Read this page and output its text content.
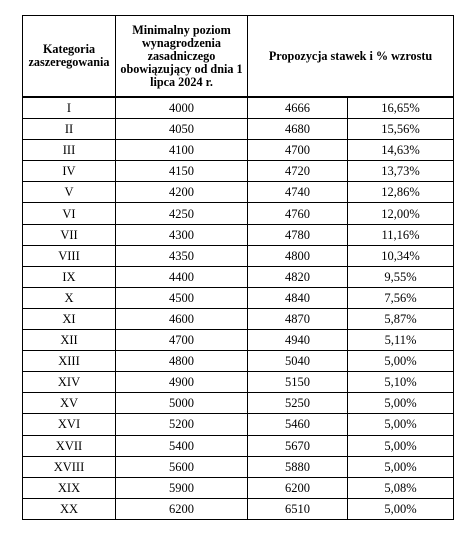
Kategoria zaszeregowania	Minimalny poziom wynagrodzenia zasadniczego obowiązujący od dnia 1 lipca 2024 r.	Propozycja stawek i % wzrostu	
I	4000	4666	16,65%
II	4050	4680	15,56%
III	4100	4700	14,63%
IV	4150	4720	13,73%
V	4200	4740	12,86%
VI	4250	4760	12,00%
VII	4300	4780	11,16%
VIII	4350	4800	10,34%
IX	4400	4820	9,55%
X	4500	4840	7,56%
XI	4600	4870	5,87%
XII	4700	4940	5,11%
XIII	4800	5040	5,00%
XIV	4900	5150	5,10%
XV	5000	5250	5,00%
XVI	5200	5460	5,00%
XVII	5400	5670	5,00%
XVIII	5600	5880	5,00%
XIX	5900	6200	5,08%
XX	6200	6510	5,00%
